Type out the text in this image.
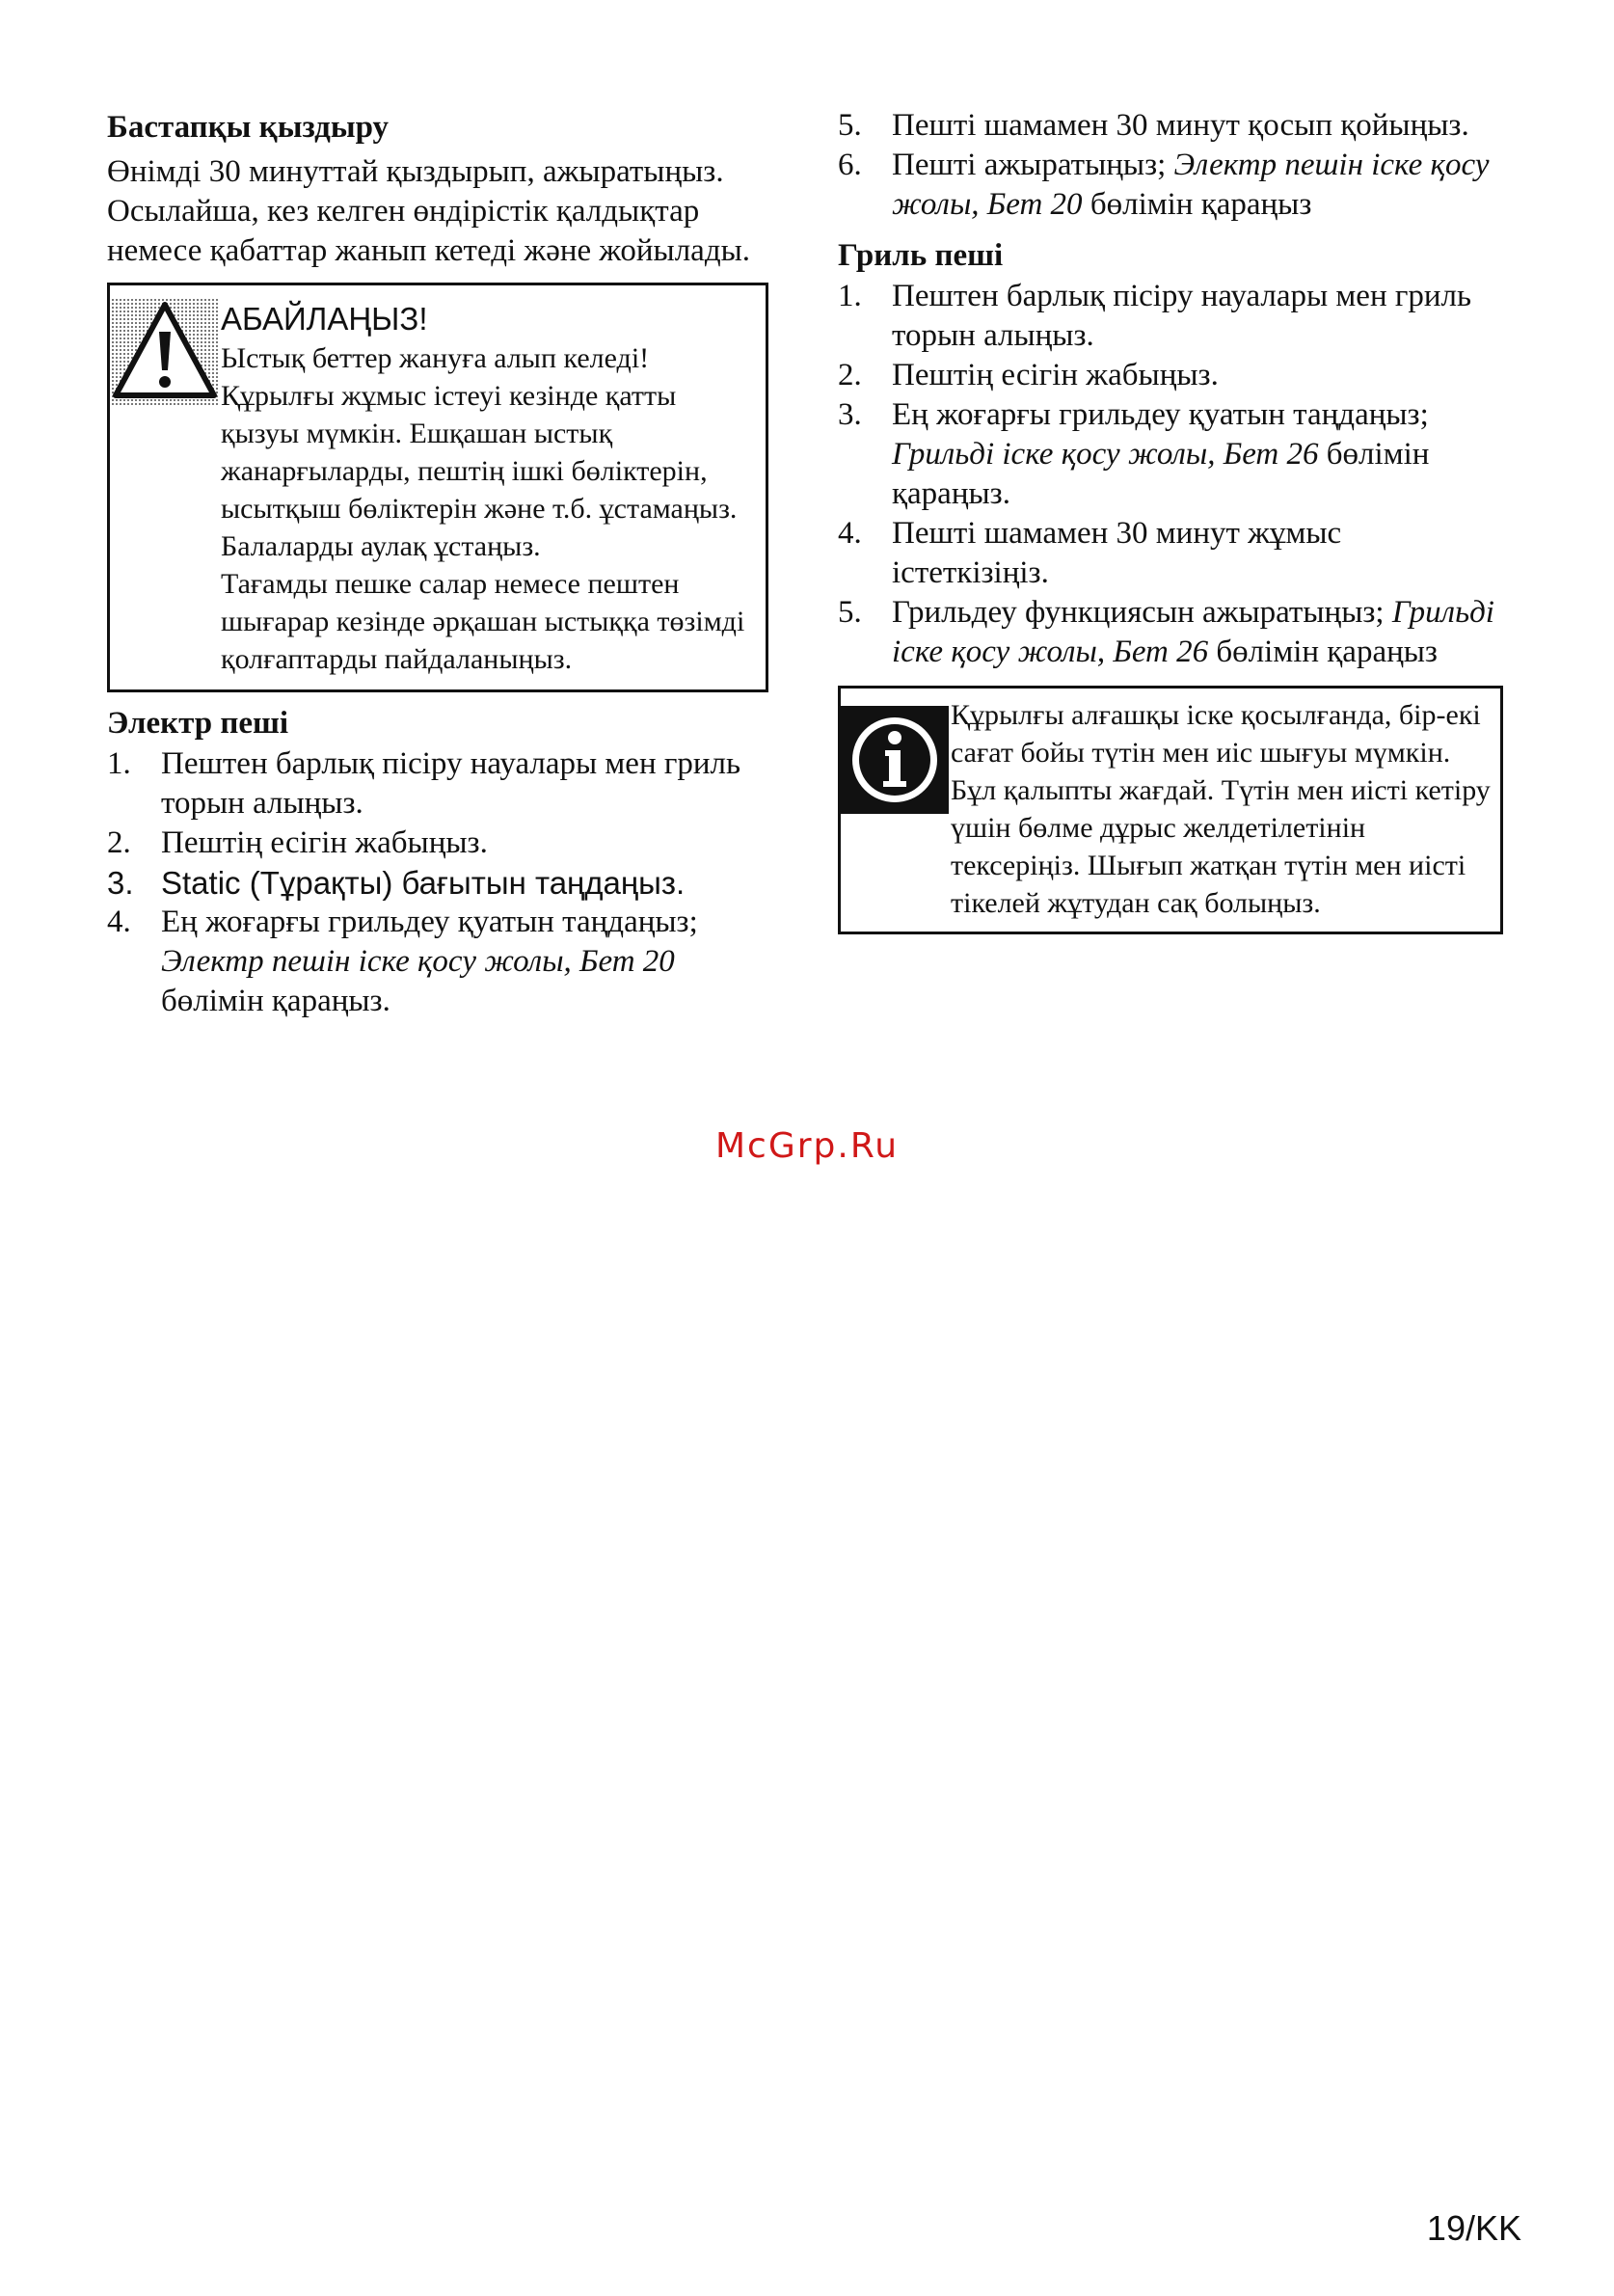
Бастапқы қыздыру

Өнімді 30 минуттай қыздырып, ажыратыңыз. Осылайша, кез келген өндірістік қалдықтар немесе қабаттар жанып кетеді және жойылады.

АБАЙЛАҢЫЗ!

Ыстық беттер жануға алып келеді! Құрылғы жұмыс істеуі кезінде қатты қызуы мүмкін. Ешқашан ыстық жанарғыларды, пештің ішкі бөліктерін, ысытқыш бөліктерін және т.б. ұстамаңыз. Балаларды аулақ ұстаңыз.

Тағамды пешке салар немесе пештен шығарар кезінде әрқашан ыстыққа төзімді қолғаптарды пайдаланыңыз.

Электр пеші

1. Пештен барлық пісіру науалары мен гриль торын алыңыз.
2. Пештің есігін жабыңыз.
3. Static (Тұрақты) бағытын таңдаңыз.
4. Ең жоғарғы грильдеу қуатын таңдаңыз; Электр пешін іске қосу жолы, Бет 20 бөлімін қараңыз.
5. Пешті шамамен 30 минут қосып қойыңыз.
6. Пешті ажыратыңыз; Электр пешін іске қосу жолы, Бет 20 бөлімін қараңыз

Гриль пеші

1. Пештен барлық пісіру науалары мен гриль торын алыңыз.
2. Пештің есігін жабыңыз.
3. Ең жоғарғы грильдеу қуатын таңдаңыз; Грильді іске қосу жолы, Бет 26 бөлімін қараңыз.
4. Пешті шамамен 30 минут жұмыс істеткізіңіз.
5. Грильдеу функциясын ажыратыңыз; Грильді іске қосу жолы, Бет 26 бөлімін қараңыз

Құрылғы алғашқы іске қосылғанда, бір-екі сағат бойы түтін мен иіс шығуы мүмкін. Бұл қалыпты жағдай. Түтін мен иісті кетіру үшін бөлме дұрыс желдетілетінін тексеріңіз. Шығып жатқан түтін мен иісті тікелей жұтудан сақ болыңыз.

McGrp.Ru
19/KK
